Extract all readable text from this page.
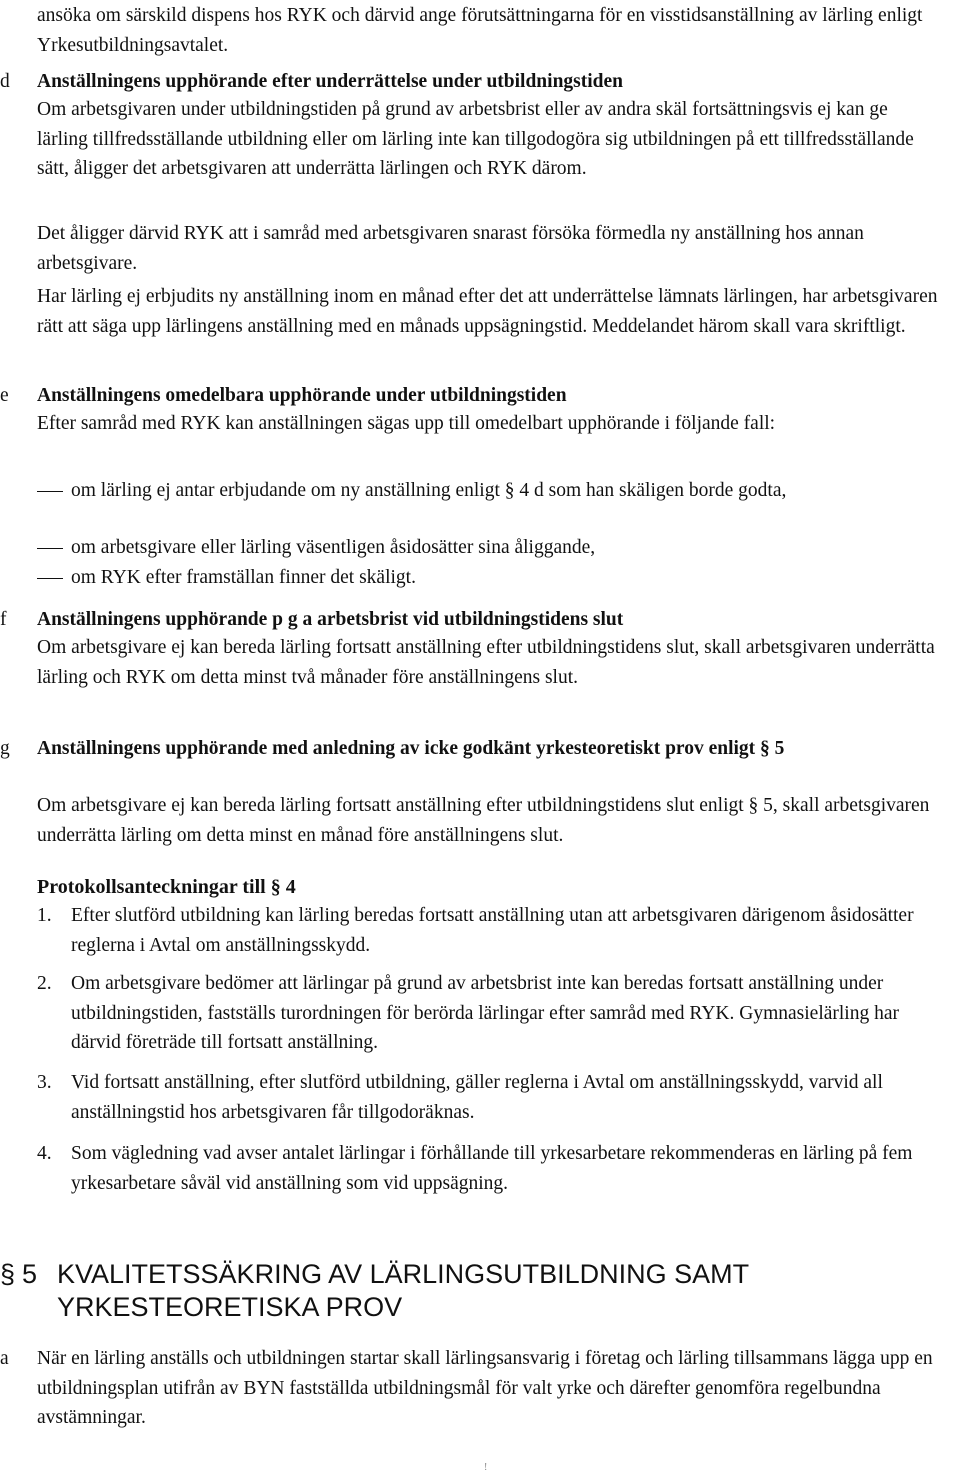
ansöka om särskild dispens hos RYK och därvid ange förutsättningarna för en visstidsanställning av lärling enligt Yrkesutbildningsavtalet.

d Anställningens upphörande efter underrättelse under utbildningstiden

Om arbetsgivaren under utbildningstiden på grund av arbetsbrist eller av andra skäl fortsättningsvis ej kan ge lärling tillfredsställande utbildning eller om lärling inte kan tillgodogöra sig utbildningen på ett tillfredsställande sätt, åligger det arbetsgivaren att underrätta lärlingen och RYK därom.

Det åligger därvid RYK att i samråd med arbetsgivaren snarast försöka förmedla ny anställning hos annan arbetsgivare.

Har lärling ej erbjudits ny anställning inom en månad efter det att underrättelse lämnats lärlingen, har arbetsgivaren rätt att säga upp lärlingens anställning med en månads uppsägningstid. Meddelandet härom skall vara skriftligt.

e Anställningens omedelbara upphörande under utbildningstiden

Efter samråd med RYK kan anställningen sägas upp till omedelbart upphörande i följande fall:

om lärling ej antar erbjudande om ny anställning enligt § 4 d som han skäligen borde godta,

om arbetsgivare eller lärling väsentligen åsidosätter sina åliggande,

om RYK efter framställan finner det skäligt.

f Anställningens upphörande p g a arbetsbrist vid utbildningstidens slut

Om arbetsgivare ej kan bereda lärling fortsatt anställning efter utbildningstidens slut, skall arbetsgivaren underrätta lärling och RYK om detta minst två månader före anställningens slut.

g Anställningens upphörande med anledning av icke godkänt yrkesteoretiskt prov enligt § 5

Om arbetsgivare ej kan bereda lärling fortsatt anställning efter utbildningstidens slut enligt § 5, skall arbetsgivaren underrätta lärling om detta minst en månad före anställningens slut.

Protokollsanteckningar till § 4
1. Efter slutförd utbildning kan lärling beredas fortsatt anställning utan att arbetsgivaren därigenom åsidosätter reglerna i Avtal om anställningsskydd.

2. Om arbetsgivare bedömer att lärlingar på grund av arbetsbrist inte kan beredas fortsatt anställning under utbildningstiden, fastställs turordningen för berörda lärlingar efter samråd med RYK. Gymnasielärling har därvid företräde till fortsatt anställning.

3. Vid fortsatt anställning, efter slutförd utbildning, gäller reglerna i Avtal om anställningsskydd, varvid all anställningstid hos arbetsgivaren får tillgodoräknas.

4. Som vägledning vad avser antalet lärlingar i förhållande till yrkesarbetare rekommenderas en lärling på fem yrkesarbetare såväl vid anställning som vid uppsägning.

§ 5 KVALITETSSÄKRING AV LÄRLINGSUTBILDNING SAMT YRKESTEORETISKA PROV
a När en lärling anställs och utbildningen startar skall lärlingsansvarig i företag och lärling tillsammans lägga upp en utbildningsplan utifrån av BYN fastställda utbildningsmål för valt yrke och därefter genomföra regelbundna avstämningar.

!
